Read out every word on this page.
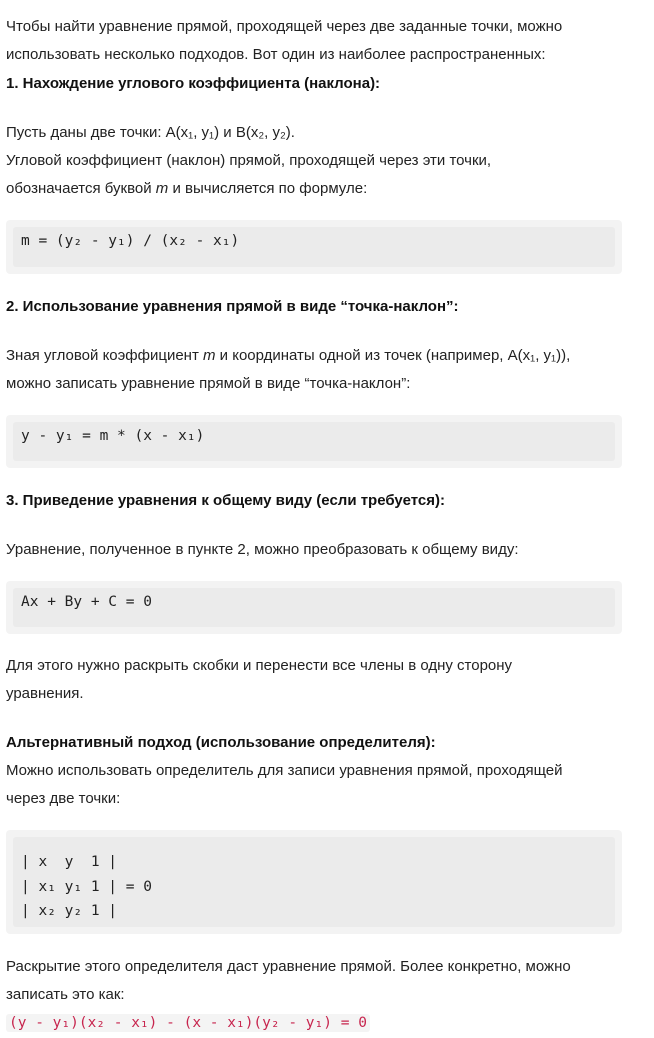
Чтобы найти уравнение прямой, проходящей через две заданные точки, можно

использовать несколько подходов. Вот один из наиболее распространенных:

1. Нахождение углового коэффициента (наклона):

Пусть даны две точки: A(x₁, y₁) и B(x₂, y₂).

Угловой коэффициент (наклон) прямой, проходящей через эти точки,

обозначается буквой m и вычисляется по формуле:

m = (y₂ - y₁) / (x₂ - x₁)
2. Использование уравнения прямой в виде “точка-наклон”:

Зная угловой коэффициент m и координаты одной из точек (например, A(x₁, y₁)),

можно записать уравнение прямой в виде “точка-наклон”:

y - y₁ = m * (x - x₁)
3. Приведение уравнения к общему виду (если требуется):

Уравнение, полученное в пункте 2, можно преобразовать к общему виду:

Ax + By + C = 0

Для этого нужно раскрыть скобки и перенести все члены в одну сторону

уравнения.

Альтернативный подход (использование определителя):

Можно использовать определитель для записи уравнения прямой, проходящей

через две точки:

| x  y  1 |
| x₁ y₁ 1 | = 0
| x₂ y₂ 1 |

Раскрытие этого определителя даст уравнение прямой. Более конкретно, можно

записать это как:

(y - y₁)(x₂ - x₁) - (x - x₁)(y₂ - y₁) = 0
